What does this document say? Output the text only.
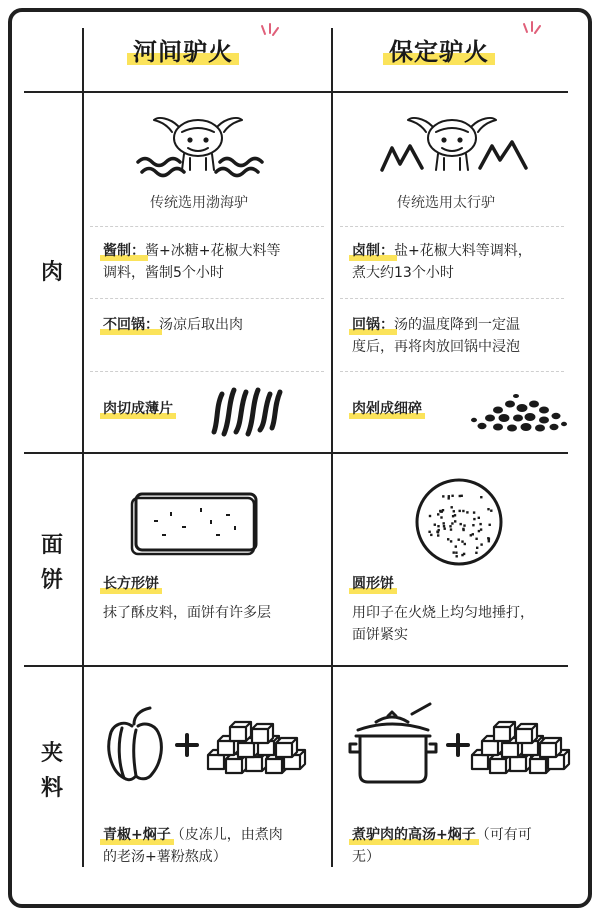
河间驴火	保定驴火
肉
面
饼
夹
料
传统选用渤海驴
酱制：酱+冰糖+花椒大料等
调料，酱制5个小时
不回锅：汤凉后取出肉
肉切成薄片
传统选用太行驴
卤制：盐+花椒大料等调料，
煮大约13个小时
回锅：汤的温度降到一定温
度后，再将肉放回锅中浸泡
肉剁成细碎
长方形饼
抹了酥皮料，面饼有许多层
圆形饼
用印子在火烧上均匀地捶打，
面饼紧实
青椒+焖子（皮冻儿，由煮肉
的老汤+薯粉熬成）
煮驴肉的高汤+焖子（可有可
无）
